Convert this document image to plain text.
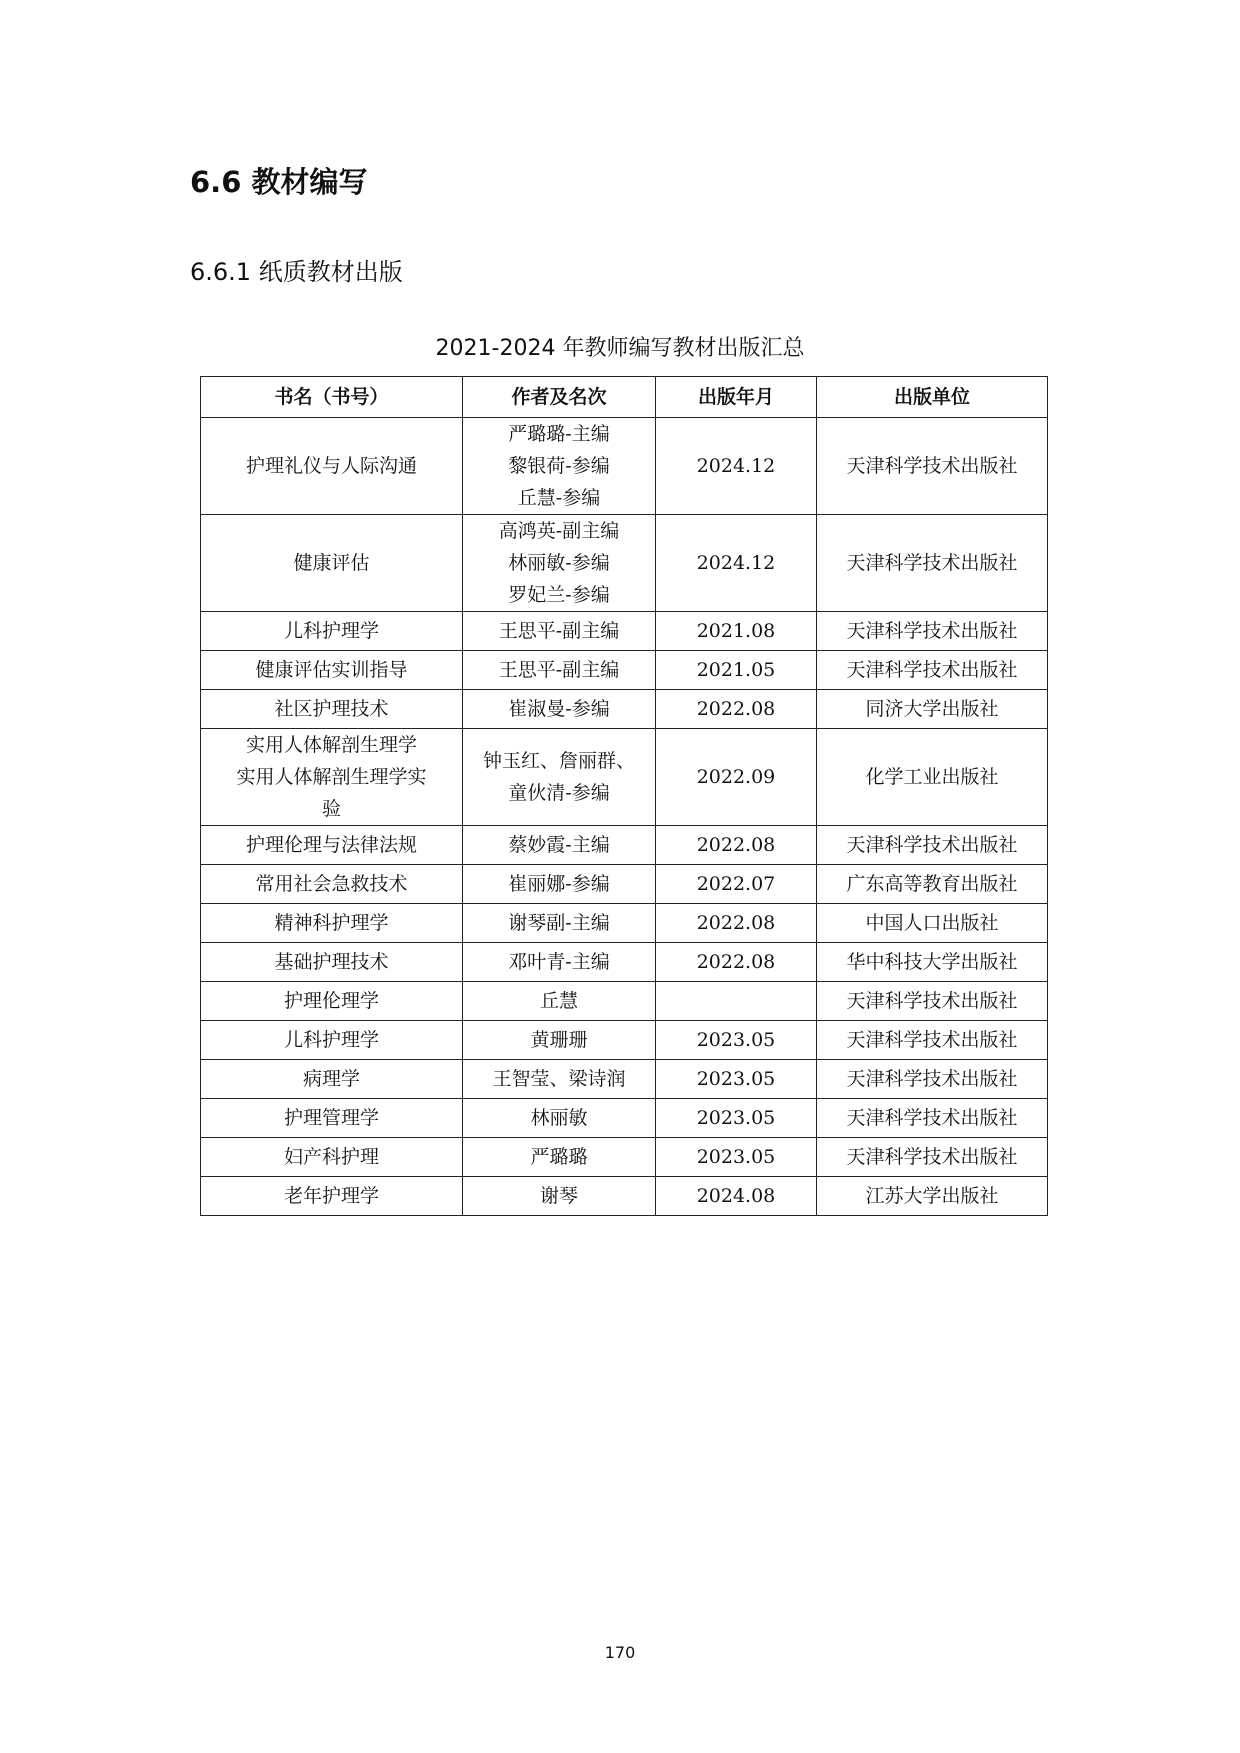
6.6 教材编写
6.6.1 纸质教材出版
2021-2024 年教师编写教材出版汇总
书名（书号）	作者及名次	出版年月	出版单位

护理礼仪与人际沟通	严璐璐-主编
黎银荷-参编
丘慧-参编	2024.12	天津科学技术出版社

健康评估	高鸿英-副主编
林丽敏-参编
罗妃兰-参编	2024.12	天津科学技术出版社

儿科护理学	王思平-副主编	2021.08	天津科学技术出版社

健康评估实训指导	王思平-副主编	2021.05	天津科学技术出版社

社区护理技术	崔淑曼-参编	2022.08	同济大学出版社

实用人体解剖生理学
实用人体解剖生理学实
验	钟玉红、詹丽群、
童伙清-参编	2022.09	化学工业出版社

护理伦理与法律法规	蔡妙霞-主编	2022.08	天津科学技术出版社

常用社会急救技术	崔丽娜-参编	2022.07	广东高等教育出版社

精神科护理学	谢琴副-主编	2022.08	中国人口出版社

基础护理技术	邓叶青-主编	2022.08	华中科技大学出版社

护理伦理学	丘慧		天津科学技术出版社

儿科护理学	黄珊珊	2023.05	天津科学技术出版社

病理学	王智莹、梁诗润	2023.05	天津科学技术出版社

护理管理学	林丽敏	2023.05	天津科学技术出版社

妇产科护理	严璐璐	2023.05	天津科学技术出版社

老年护理学	谢琴	2024.08	江苏大学出版社
170
